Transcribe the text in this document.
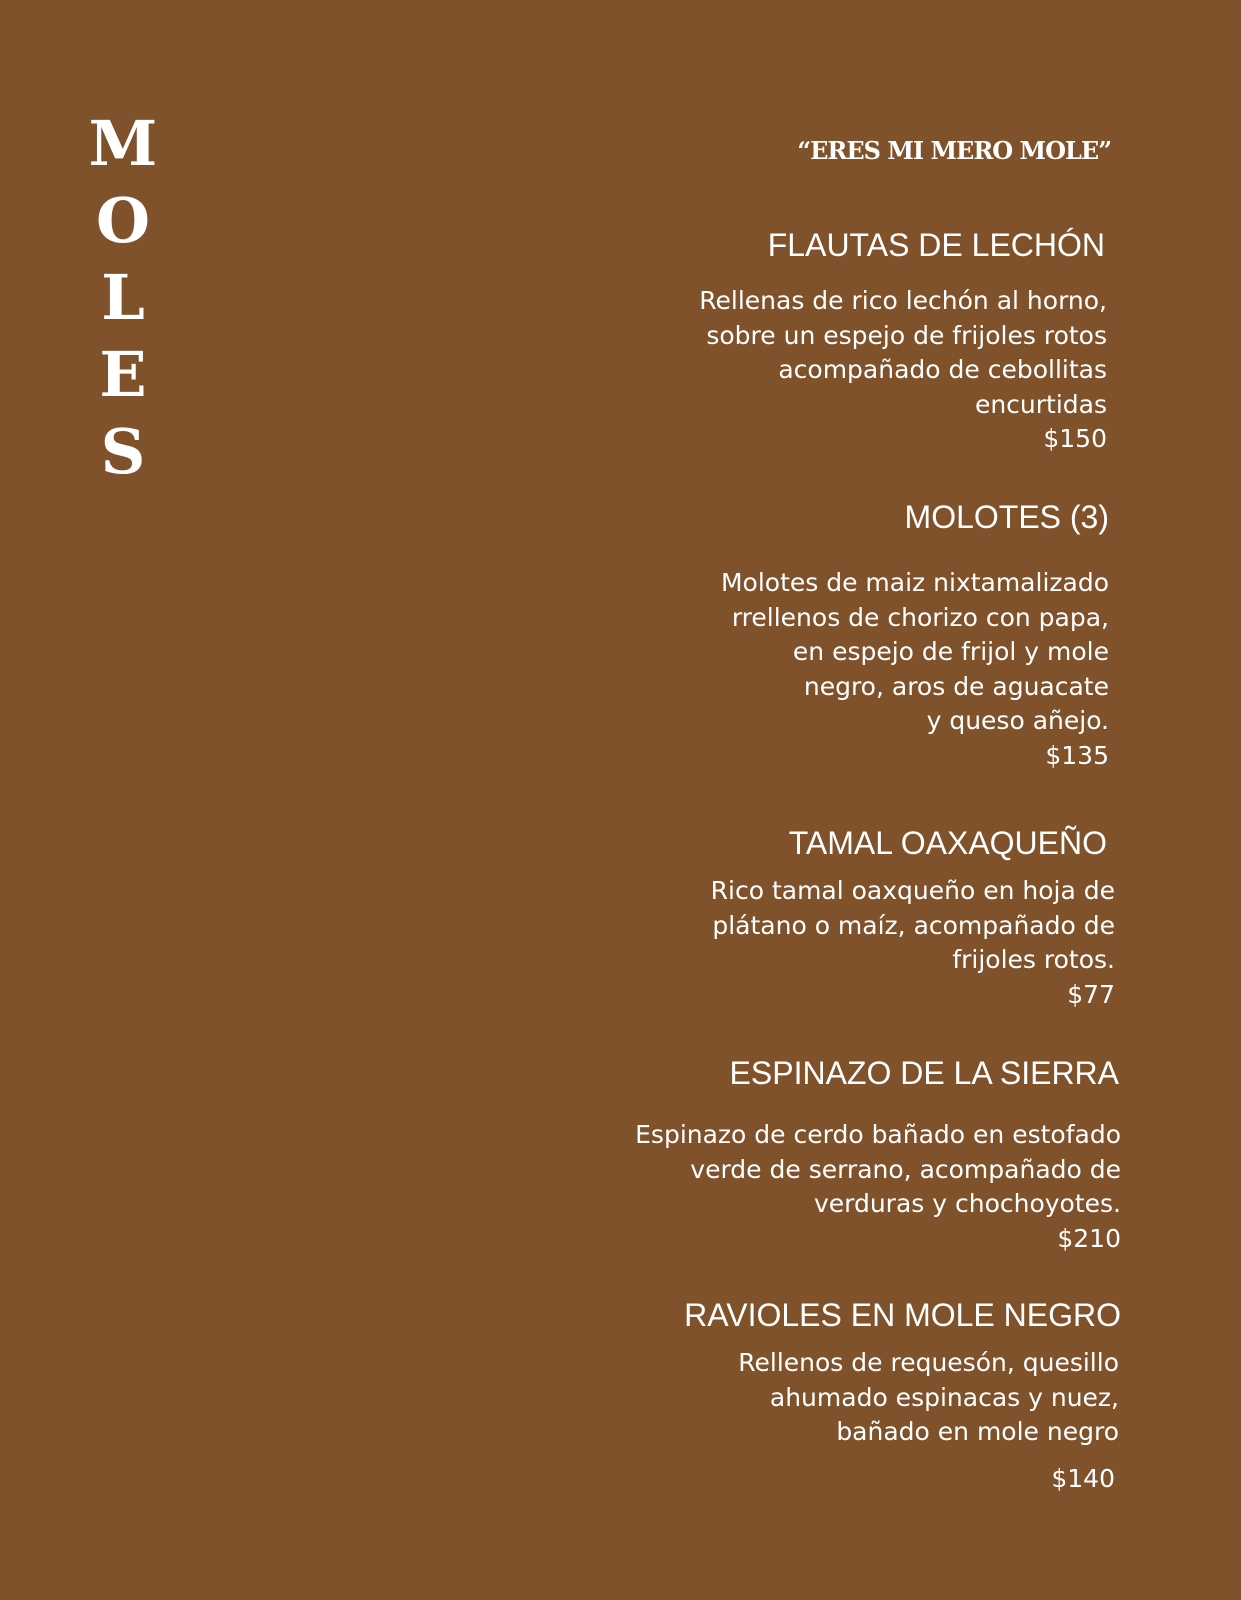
M
O
L
E
S
“ERES MI MERO MOLE”
FLAUTAS DE LECHÓN
Rellenas de rico lechón al horno,
sobre un espejo de frijoles rotos
acompañado de cebollitas
encurtidas
$150
MOLOTES (3)
Molotes de maiz nixtamalizado
rrellenos de chorizo con papa,
en espejo de frijol y mole
negro, aros de aguacate
y queso añejo.
$135
TAMAL OAXAQUEÑO
Rico tamal oaxqueño en hoja de
plátano o maíz, acompañado de
frijoles rotos.
$77
ESPINAZO DE LA SIERRA
Espinazo de cerdo bañado en estofado
verde de serrano, acompañado de
verduras y chochoyotes.
$210
RAVIOLES EN MOLE NEGRO
Rellenos de requesón, quesillo
ahumado espinacas y nuez,
bañado en mole negro
$140
